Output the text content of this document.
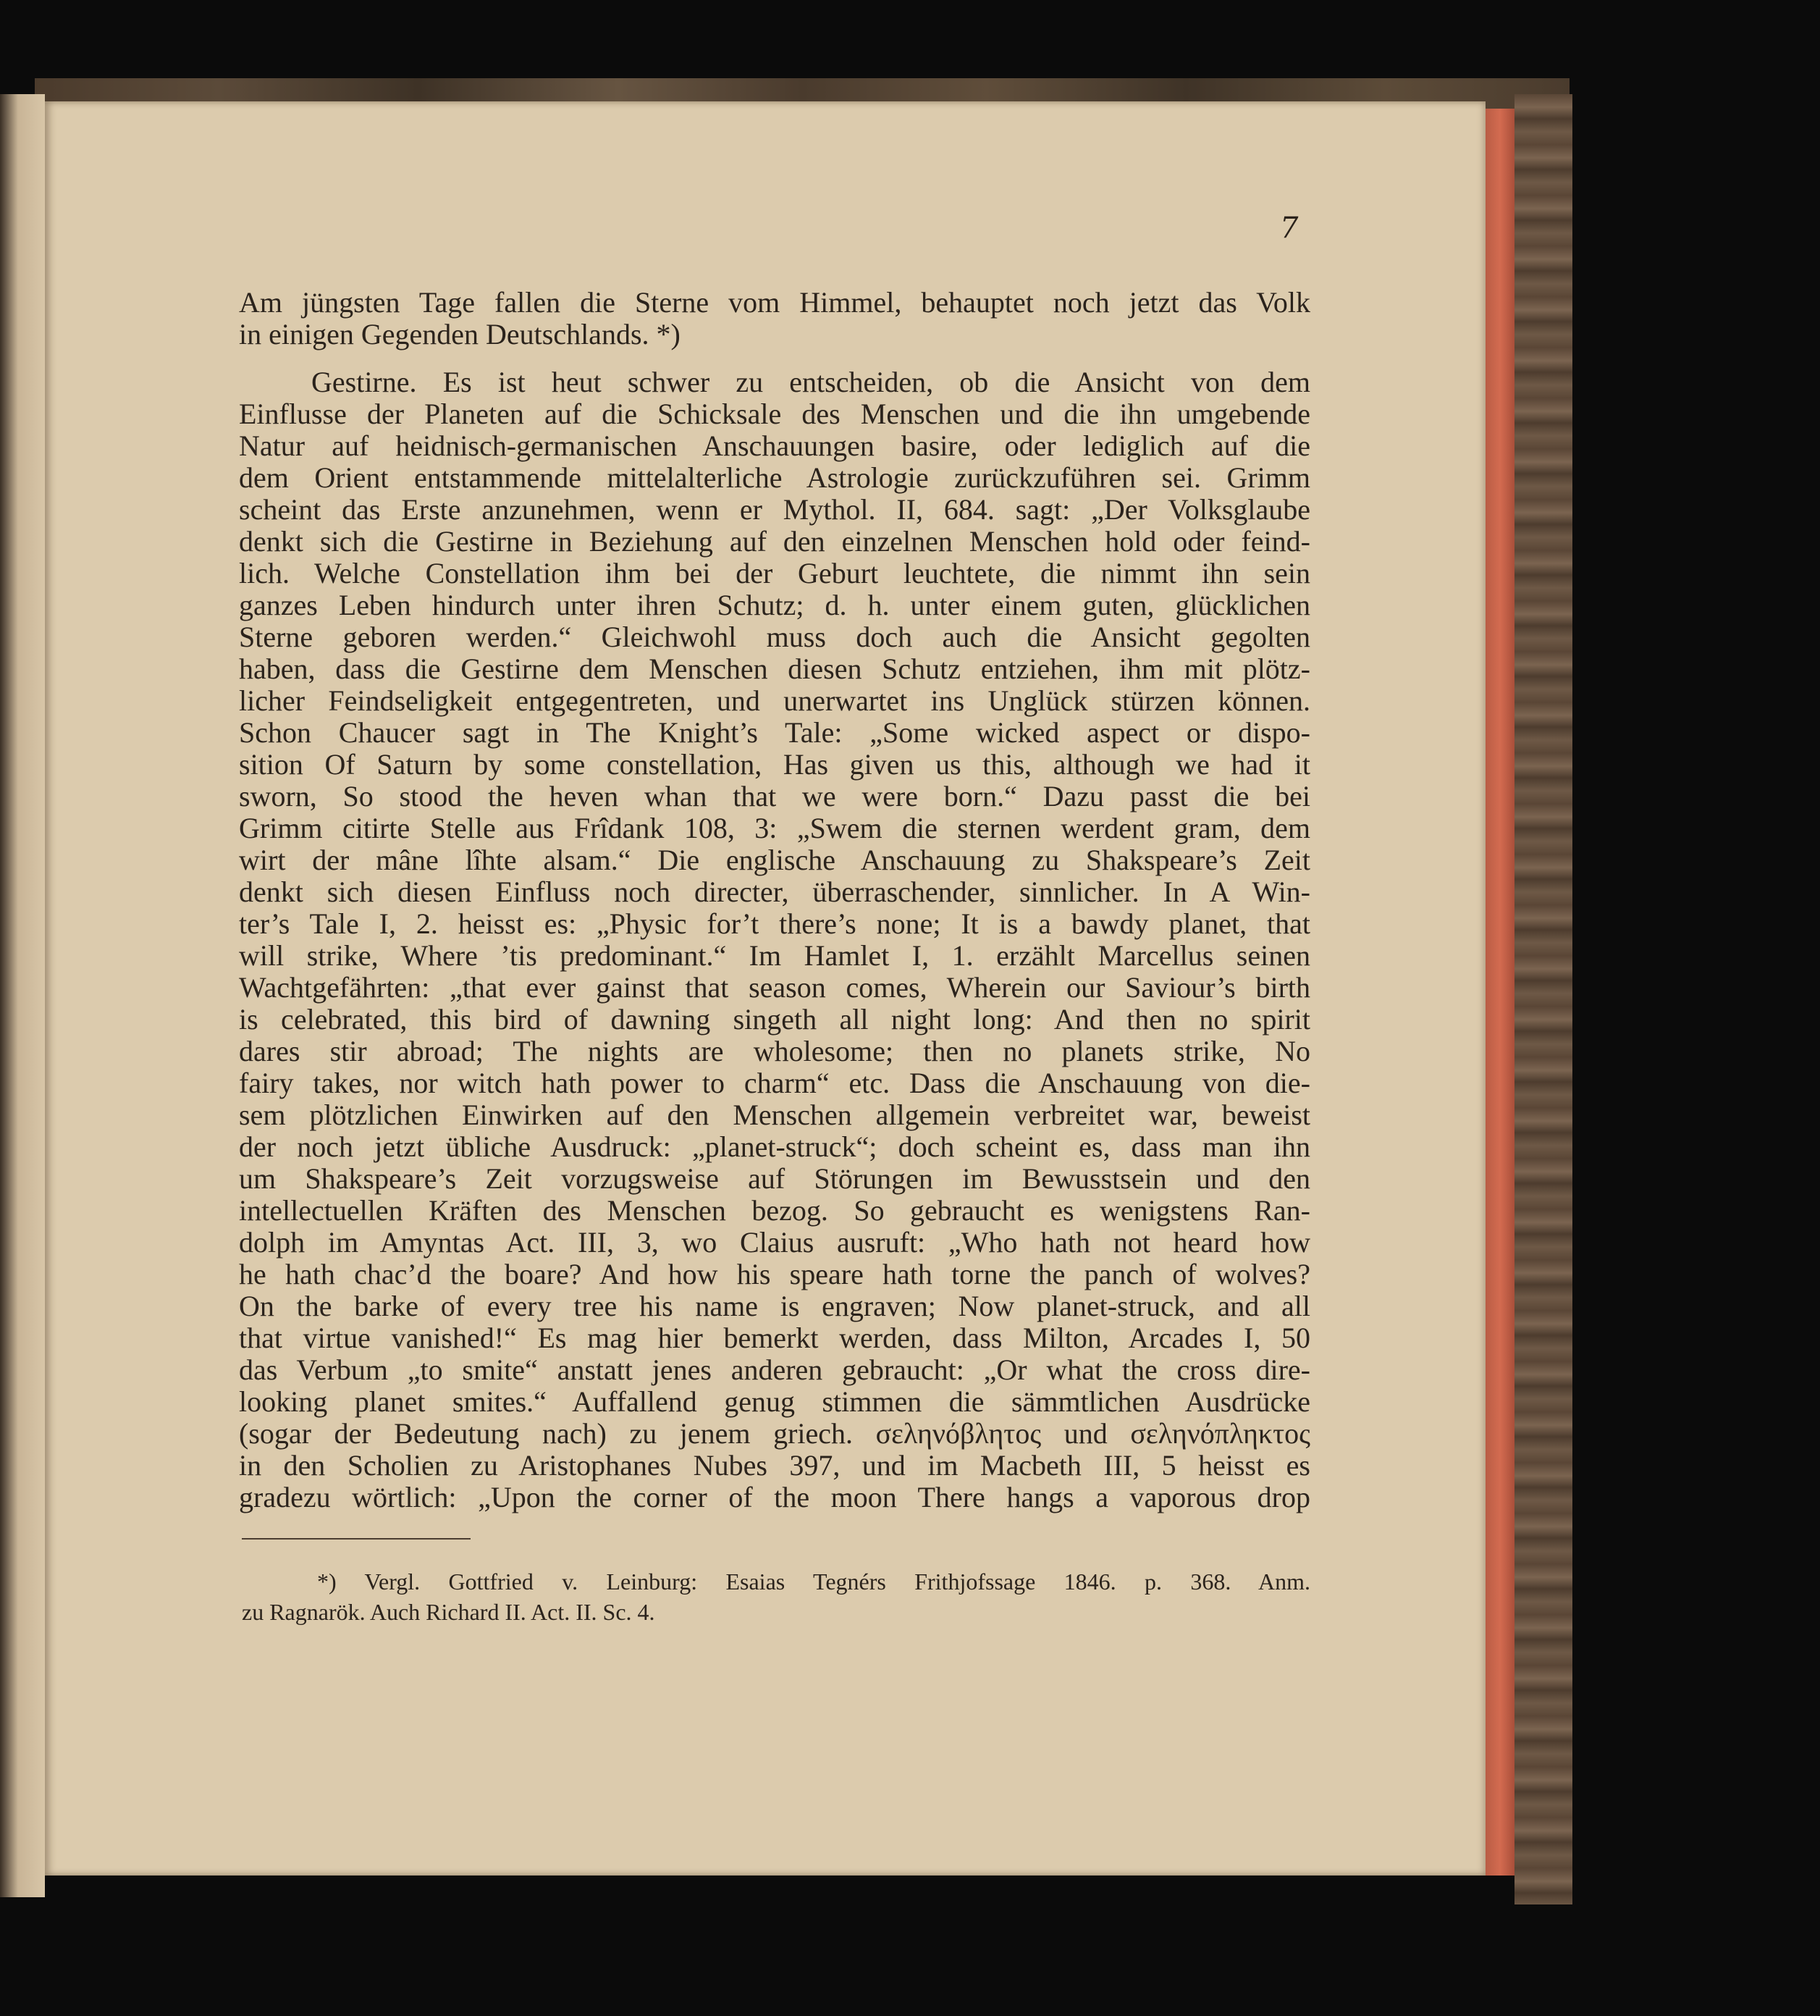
7
Am jüngsten Tage fallen die Sterne vom Himmel, behauptet noch jetzt das Volk
in einigen Gegenden Deutschlands. *)
Gestirne. Es ist heut schwer zu entscheiden, ob die Ansicht von dem
Einflusse der Planeten auf die Schicksale des Menschen und die ihn umgebende
Natur auf heidnisch-germanischen Anschauungen basire, oder lediglich auf die
dem Orient entstammende mittelalterliche Astrologie zurückzuführen sei. Grimm
scheint das Erste anzunehmen, wenn er Mythol. II, 684. sagt: „Der Volksglaube
denkt sich die Gestirne in Beziehung auf den einzelnen Menschen hold oder feind-
lich. Welche Constellation ihm bei der Geburt leuchtete, die nimmt ihn sein
ganzes Leben hindurch unter ihren Schutz; d. h. unter einem guten, glücklichen
Sterne geboren werden.“ Gleichwohl muss doch auch die Ansicht gegolten
haben, dass die Gestirne dem Menschen diesen Schutz entziehen, ihm mit plötz-
licher Feindseligkeit entgegentreten, und unerwartet ins Unglück stürzen können.
Schon Chaucer sagt in The Knight’s Tale: „Some wicked aspect or dispo-
sition Of Saturn by some constellation, Has given us this, although we had it
sworn, So stood the heven whan that we were born.“ Dazu passt die bei
Grimm citirte Stelle aus Frîdank 108, 3: „Swem die sternen werdent gram, dem
wirt der mâne lîhte alsam.“ Die englische Anschauung zu Shakspeare’s Zeit
denkt sich diesen Einfluss noch directer, überraschender, sinnlicher. In A Win-
ter’s Tale I, 2. heisst es: „Physic for’t there’s none; It is a bawdy planet, that
will strike, Where ’tis predominant.“ Im Hamlet I, 1. erzählt Marcellus seinen
Wachtgefährten: „that ever gainst that season comes, Wherein our Saviour’s birth
is celebrated, this bird of dawning singeth all night long: And then no spirit
dares stir abroad; The nights are wholesome; then no planets strike, No
fairy takes, nor witch hath power to charm“ etc. Dass die Anschauung von die-
sem plötzlichen Einwirken auf den Menschen allgemein verbreitet war, beweist
der noch jetzt übliche Ausdruck: „planet-struck“; doch scheint es, dass man ihn
um Shakspeare’s Zeit vorzugsweise auf Störungen im Bewusstsein und den
intellectuellen Kräften des Menschen bezog. So gebraucht es wenigstens Ran-
dolph im Amyntas Act. III, 3, wo Claius ausruft: „Who hath not heard how
he hath chac’d the boare? And how his speare hath torne the panch of wolves?
On the barke of every tree his name is engraven; Now planet-struck, and all
that virtue vanished!“ Es mag hier bemerkt werden, dass Milton, Arcades I, 50
das Verbum „to smite“ anstatt jenes anderen gebraucht: „Or what the cross dire-
looking planet smites.“ Auffallend genug stimmen die sämmtlichen Ausdrücke
(sogar der Bedeutung nach) zu jenem griech. σεληνόβλητος und σεληνόπληκτος
in den Scholien zu Aristophanes Nubes 397, und im Macbeth III, 5 heisst es
gradezu wörtlich: „Upon the corner of the moon There hangs a vaporous drop
*) Vergl. Gottfried v. Leinburg: Esaias Tegnérs Frithjofssage 1846. p. 368. Anm.
zu Ragnarök. Auch Richard II. Act. II. Sc. 4.
